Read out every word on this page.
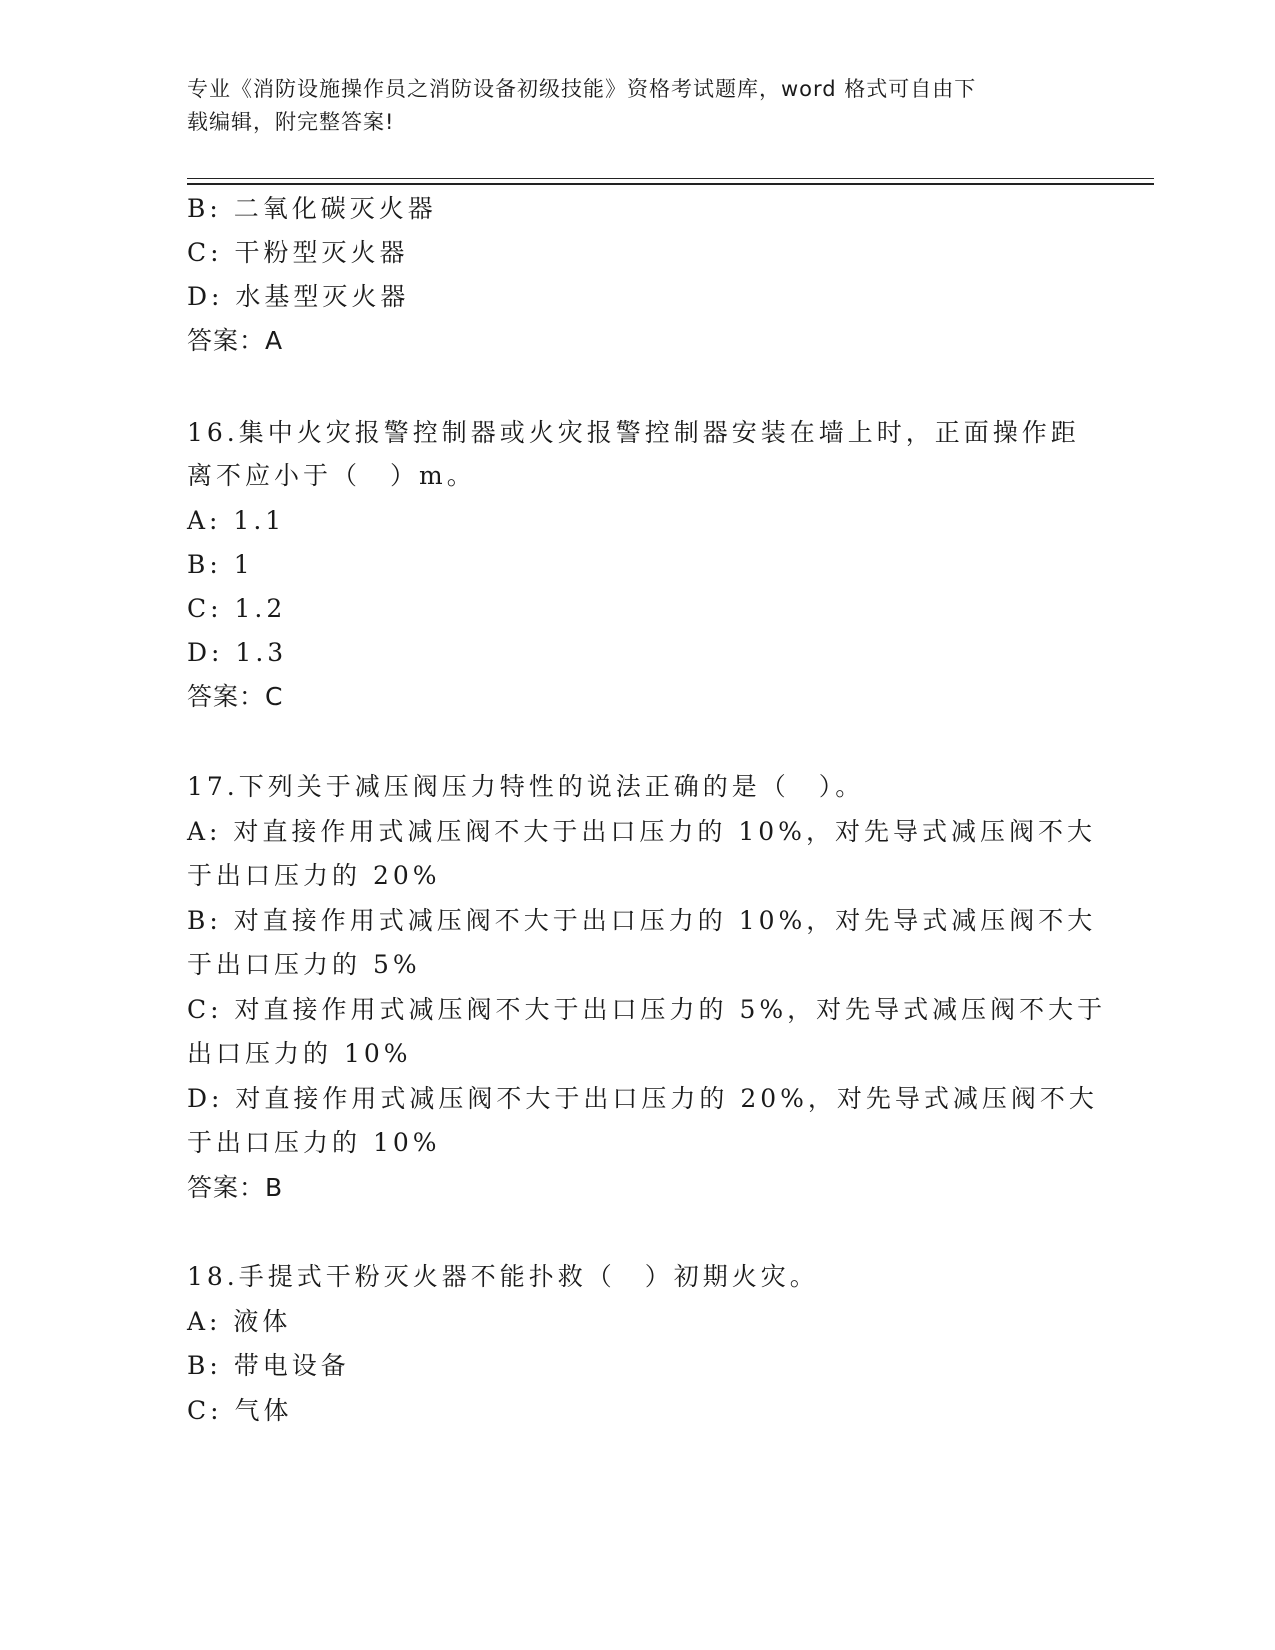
专业《消防设施操作员之消防设备初级技能》资格考试题库，word 格式可自由下
载编辑，附完整答案!
B: 二氧化碳灭火器
C: 干粉型灭火器
D: 水基型灭火器
答案：A
16.集中火灾报警控制器或火灾报警控制器安装在墙上时，正面操作距
离不应小于（　）m。
A: 1.1
B: 1
C: 1.2
D: 1.3
答案：C
17.下列关于减压阀压力特性的说法正确的是（　）。
A: 对直接作用式减压阀不大于出口压力的 10%，对先导式减压阀不大
于出口压力的 20%
B: 对直接作用式减压阀不大于出口压力的 10%，对先导式减压阀不大
于出口压力的 5%
C: 对直接作用式减压阀不大于出口压力的 5%，对先导式减压阀不大于
出口压力的 10%
D: 对直接作用式减压阀不大于出口压力的 20%，对先导式减压阀不大
于出口压力的 10%
答案：B
18.手提式干粉灭火器不能扑救（　）初期火灾。
A: 液体
B: 带电设备
C: 气体
